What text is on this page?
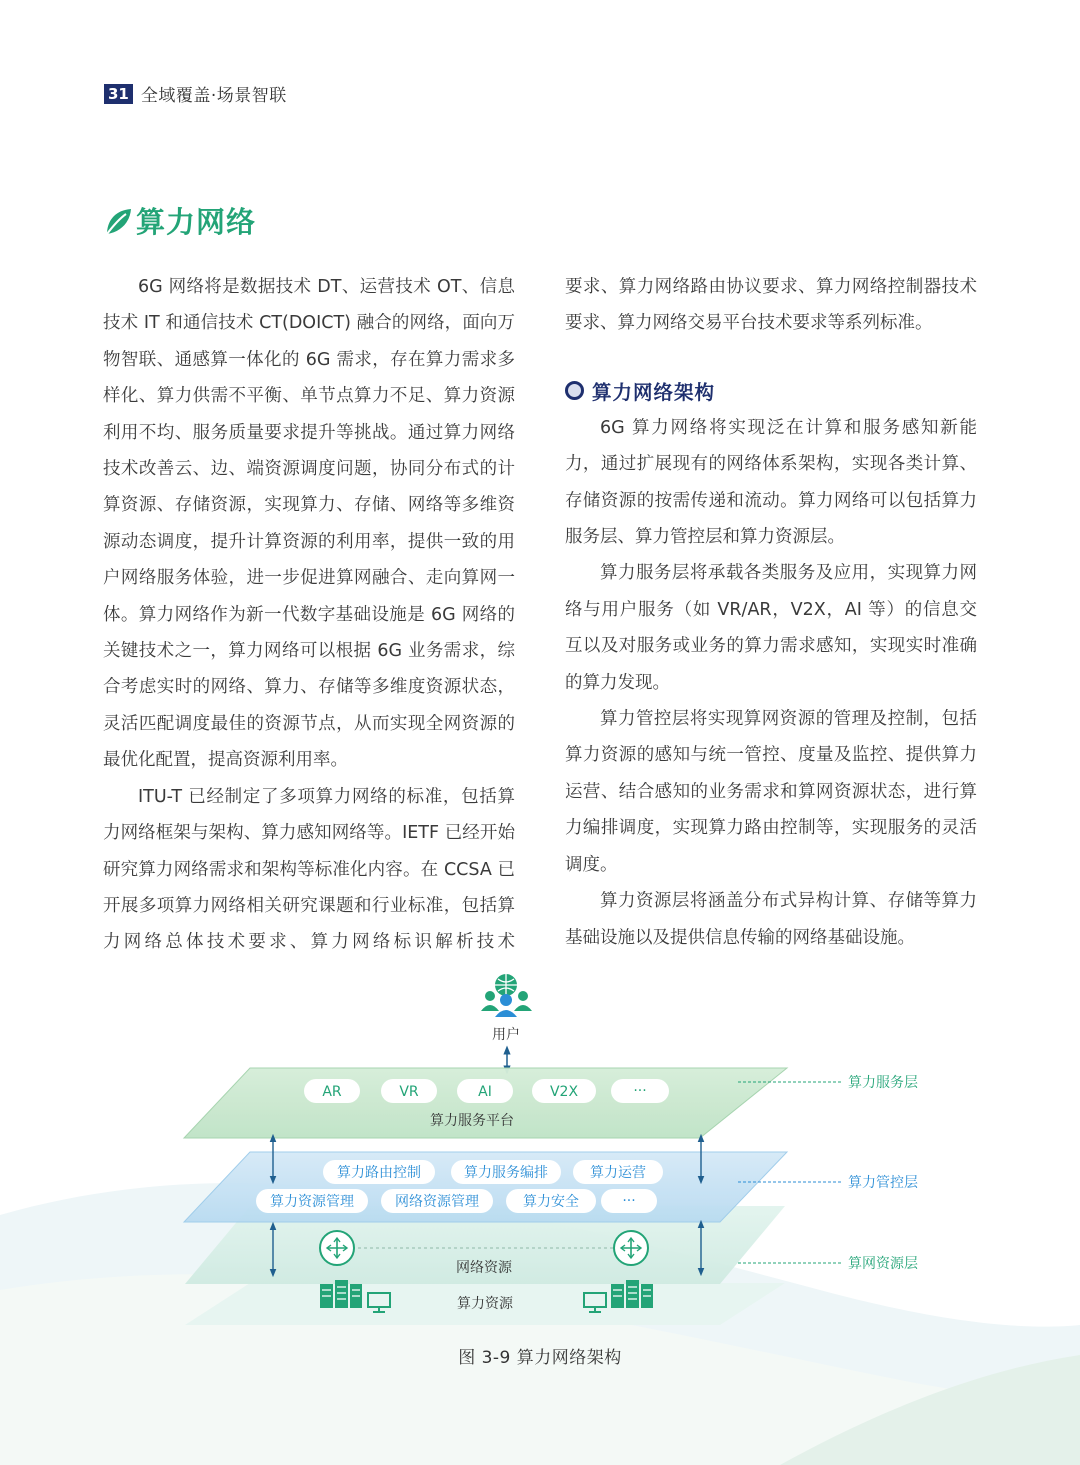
31 全域覆盖·场景智联
算力网络

6G 网络将是数据技术 DT、运营技术 OT、信息技术 IT 和通信技术 CT(DOICT) 融合的网络，面向万物智联、通感算一体化的 6G 需求，存在算力需求多样化、算力供需不平衡、单节点算力不足、算力资源利用不均、服务质量要求提升等挑战。通过算力网络技术改善云、边、端资源调度问题，协同分布式的计算资源、存储资源，实现算力、存储、网络等多维资源动态调度，提升计算资源的利用率，提供一致的用户网络服务体验，进一步促进算网融合、走向算网一体。算力网络作为新一代数字基础设施是 6G 网络的关键技术之一，算力网络可以根据 6G 业务需求，综合考虑实时的网络、算力、存储等多维度资源状态，灵活匹配调度最佳的资源节点，从而实现全网资源的最优化配置，提高资源利用率。

ITU-T 已经制定了多项算力网络的标准，包括算力网络框架与架构、算力感知网络等。IETF 已经开始研究算力网络需求和架构等标准化内容。在 CCSA 已开展多项算力网络相关研究课题和行业标准，包括算力网络总体技术要求、算力网络标识解析技术

要求、算力网络路由协议要求、算力网络控制器技术要求、算力网络交易平台技术要求等系列标准。

算力网络架构

6G 算力网络将实现泛在计算和服务感知新能力，通过扩展现有的网络体系架构，实现各类计算、存储资源的按需传递和流动。算力网络可以包括算力服务层、算力管控层和算力资源层。

算力服务层将承载各类服务及应用，实现算力网络与用户服务（如 VR/AR，V2X，AI 等）的信息交互以及对服务或业务的算力需求感知，实现实时准确的算力发现。

算力管控层将实现算网资源的管理及控制，包括算力资源的感知与统一管控、度量及监控、提供算力运营、结合感知的业务需求和算网资源状态，进行算力编排调度，实现算力路由控制等，实现服务的灵活调度。

算力资源层将涵盖分布式异构计算、存储等算力基础设施以及提供信息传输的网络基础设施。

用户
网络资源
算力资源
算力路由控制	算力服务编排	算力运营
算力资源管理	网络资源管理	算力安全	···
AR	VR	AI	V2X	···
算力服务平台
算力服务层
算力管控层
算网资源层
图 3-9 算力网络架构
